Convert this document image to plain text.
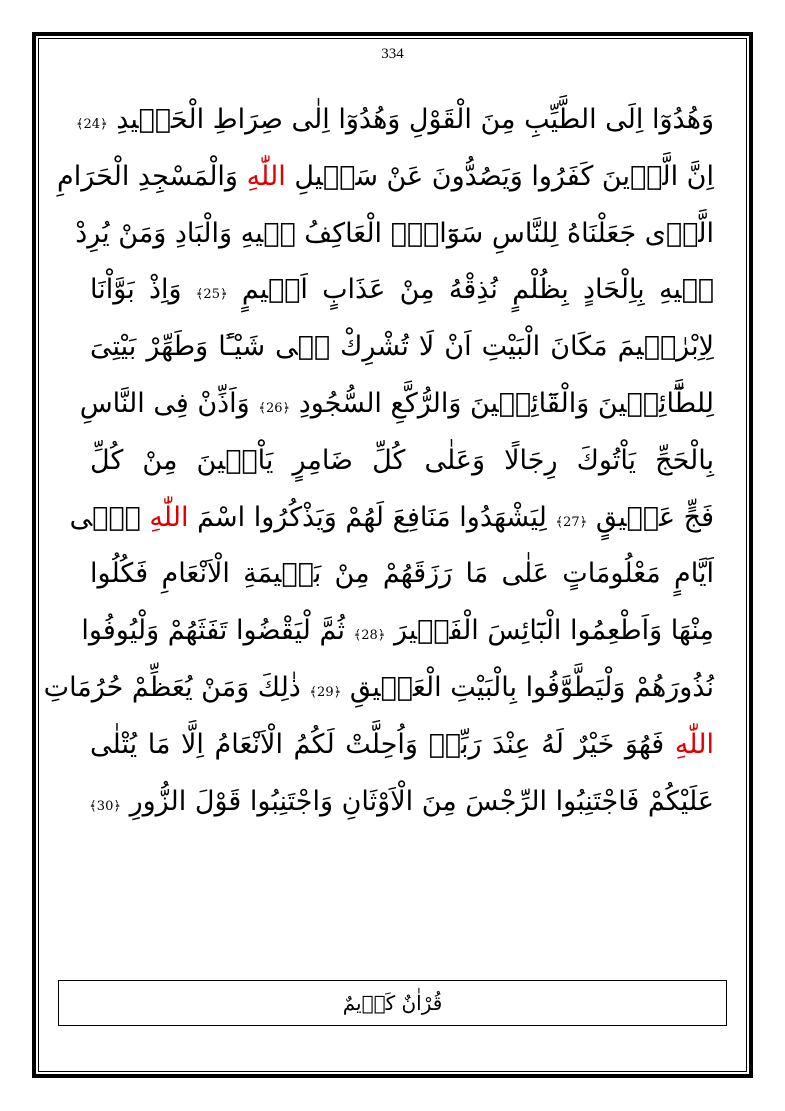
334
وَهُدُوٓا اِلَى الطَّيِّبِ مِنَ الْقَوْلِ وَهُدُوٓا اِلٰى صِرَاطِ الْحَمٖيدِ ﴿24﴾
اِنَّ الَّذٖينَ كَفَرُوا وَيَصُدُّونَ عَنْ سَبٖيلِ اللّٰهِ وَالْمَسْجِدِ الْحَرَامِ
الَّذٖى جَعَلْنَاهُ لِلنَّاسِ سَوَٓاءًۨ الْعَاكِفُ فٖيهِ وَالْبَادِ وَمَنْ يُرِدْ
فٖيهِ بِاِلْحَادٍ بِظُلْمٍ نُذِقْهُ مِنْ عَذَابٍ اَلٖيمٍ ﴿25﴾ وَاِذْ بَوَّاْنَا
لِاِبْرٰهٖيمَ مَكَانَ الْبَيْتِ اَنْ لَا تُشْرِكْ بٖى شَيْـًٔا وَطَهِّرْ بَيْتِىَ
لِلطَّٓائِفٖينَ وَالْقَٓائِمٖينَ وَالرُّكَّعِ السُّجُودِ ﴿26﴾ وَاَذِّنْ فِى النَّاسِ
بِالْحَجِّ يَاْتُوكَ رِجَالًا وَعَلٰى كُلِّ ضَامِرٍ يَاْتٖينَ مِنْ كُلِّ
فَجٍّ عَمٖيقٍ ﴿27﴾ لِيَشْهَدُوا مَنَافِعَ لَهُمْ وَيَذْكُرُوا اسْمَ اللّٰهِ فٖٓى
اَيَّامٍ مَعْلُومَاتٍ عَلٰى مَا رَزَقَهُمْ مِنْ بَهٖيمَةِ الْاَنْعَامِ فَكُلُوا
مِنْهَا وَاَطْعِمُوا الْبَٓائِسَ الْفَقٖيرَ ﴿28﴾ ثُمَّ لْيَقْضُوا تَفَثَهُمْ وَلْيُوفُوا
نُذُورَهُمْ وَلْيَطَّوَّفُوا بِالْبَيْتِ الْعَتٖيقِ ﴿29﴾ ذٰلِكَ وَمَنْ يُعَظِّمْ حُرُمَاتِ
اللّٰهِ فَهُوَ خَيْرٌ لَهُ عِنْدَ رَبِّهٖ وَاُحِلَّتْ لَكُمُ الْاَنْعَامُ اِلَّا مَا يُتْلٰى
عَلَيْكُمْ فَاجْتَنِبُوا الرِّجْسَ مِنَ الْاَوْثَانِ وَاجْتَنِبُوا قَوْلَ الزُّورِ ﴿30﴾
قُرْاٰنٌ كَرٖيمٌ
